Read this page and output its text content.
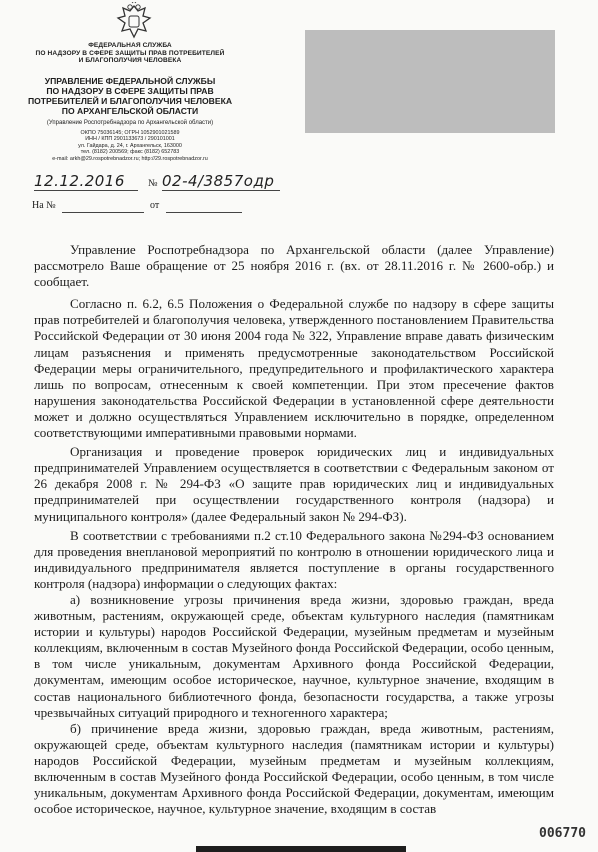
ФЕДЕРАЛЬНАЯ СЛУЖБА
ПО НАДЗОРУ В СФЕРЕ ЗАЩИТЫ ПРАВ ПОТРЕБИТЕЛЕЙ
И БЛАГОПОЛУЧИЯ ЧЕЛОВЕКА
УПРАВЛЕНИЕ ФЕДЕРАЛЬНОЙ СЛУЖБЫ
ПО НАДЗОРУ В СФЕРЕ ЗАЩИТЫ ПРАВ
ПОТРЕБИТЕЛЕЙ И БЛАГОПОЛУЧИЯ ЧЕЛОВЕКА
ПО АРХАНГЕЛЬСКОЙ ОБЛАСТИ
(Управление Роспотребнадзора по Архангельской области)
ОКПО 75036145; ОГРН 1052901021589
ИНН / КПП 2901133673 / 290101001
ул. Гайдара, д. 24, г. Архангельск, 163000
тел. (8182) 200569; факс (8182) 652783
e-mail: arkh@29.rospotrebnadzor.ru; http://29.rospotrebnadzor.ru
12.12.2016	№ 02-4/3857одр
На №	от

Управление Роспотребнадзора по Архангельской области (далее Управление) рассмотрело Ваше обращение от 25 ноября 2016 г. (вх. от 28.11.2016 г. № 2600-обр.) и сообщает.

Согласно п. 6.2, 6.5 Положения о Федеральной службе по надзору в сфере защиты прав потребителей и благополучия человека, утвержденного постановлением Правительства Российской Федерации от 30 июня 2004 года № 322, Управление вправе давать физическим лицам разъяснения и применять предусмотренные законодательством Российской Федерации меры ограничительного, предупредительного и профилактического характера лишь по вопросам, отнесенным к своей компетенции. При этом пресечение фактов нарушения законодательства Российской Федерации в установленной сфере деятельности может и должно осуществляться Управлением исключительно в порядке, определенном соответствующими императивными правовыми нормами.

Организация и проведение проверок юридических лиц и индивидуальных предпринимателей Управлением осуществляется в соответствии с Федеральным законом от 26 декабря 2008 г. № 294-ФЗ «О защите прав юридических лиц и индивидуальных предпринимателей при осуществлении государственного контроля (надзора) и муниципального контроля» (далее Федеральный закон № 294-ФЗ).

В соответствии с требованиями п.2 ст.10 Федерального закона №294-ФЗ основанием для проведения внеплановой мероприятий по контролю в отношении юридического лица и индивидуального предпринимателя является поступление в органы государственного контроля (надзора) информации о следующих фактах:

а) возникновение угрозы причинения вреда жизни, здоровью граждан, вреда животным, растениям, окружающей среде, объектам культурного наследия (памятникам истории и культуры) народов Российской Федерации, музейным предметам и музейным коллекциям, включенным в состав Музейного фонда Российской Федерации, особо ценным, в том числе уникальным, документам Архивного фонда Российской Федерации, документам, имеющим особое историческое, научное, культурное значение, входящим в состав национального библиотечного фонда, безопасности государства, а также угрозы чрезвычайных ситуаций природного и техногенного характера;

б) причинение вреда жизни, здоровью граждан, вреда животным, растениям, окружающей среде, объектам культурного наследия (памятникам истории и культуры) народов Российской Федерации, музейным предметам и музейным коллекциям, включенным в состав Музейного фонда Российской Федерации, особо ценным, в том числе уникальным, документам Архивного фонда Российской Федерации, документам, имеющим особое историческое, научное, культурное значение, входящим в состав

006770
